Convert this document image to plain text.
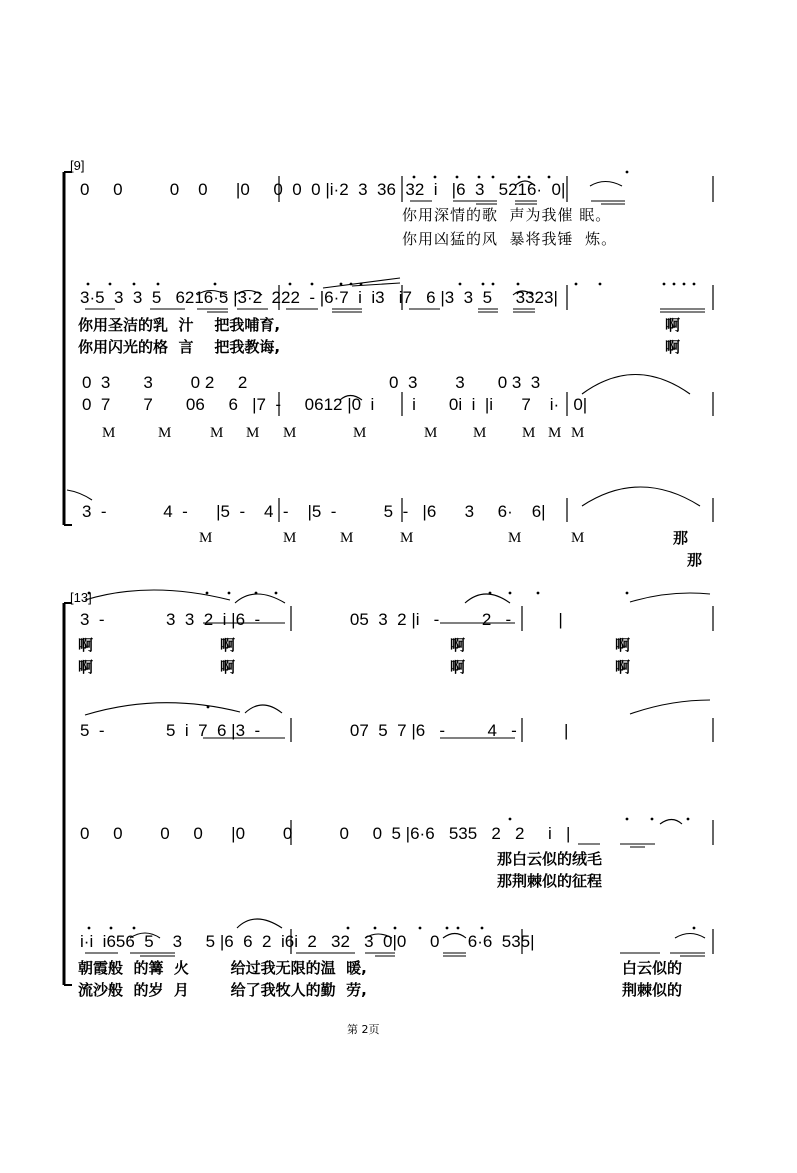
[9]
0     0          0    0      |0     0  0  0 |i·2  3  36  32  i   |6  3   5216·  0|
你用深情的歌  声为我催 眠。
你用凶猛的风  暴将我锤  炼。
3·5  3  3  5   6216·5 |3·2  222  - |6·7  i  i3   i7   6 |3  3  5     3323|
你用圣洁的乳  汁    把我哺育,
你用闪光的格  言    把我教诲,
啊
啊
0  3       3        0 2     2                              0  3        3       0 3  3
0  7       7       06     6   |7  -     0612 |0  i        i       0i  i  |i      7    i·   0|
M	M	M M M	M	M M M M M
3  -            4  -      |5  -    4  -    |5  -          5  -   |6      3     6·    6|
M	M	M	M	M	M	那
那
[13]
3  -             3  3  2  i |6  -                   05  3  2 |i   -         2   -          |
啊	啊	啊	啊
啊	啊	啊	啊
5  -             5  i  7  6 |3  -                   07  5  7 |6   -         4   -          |
0     0        0     0      |0        0          0     0  5 |6·6   535   2   2     i   |
那白云似的绒毛
那荆棘似的征程
i·i  i656  5    3     5 |6  6  2  i6i  2   32   3  0|0     0      6·6  535|
朝霞般  的篝  火        给过我无限的温  暖,	白云似的
流沙般  的岁  月        给了我牧人的勤  劳,	荆棘似的
第 2页
